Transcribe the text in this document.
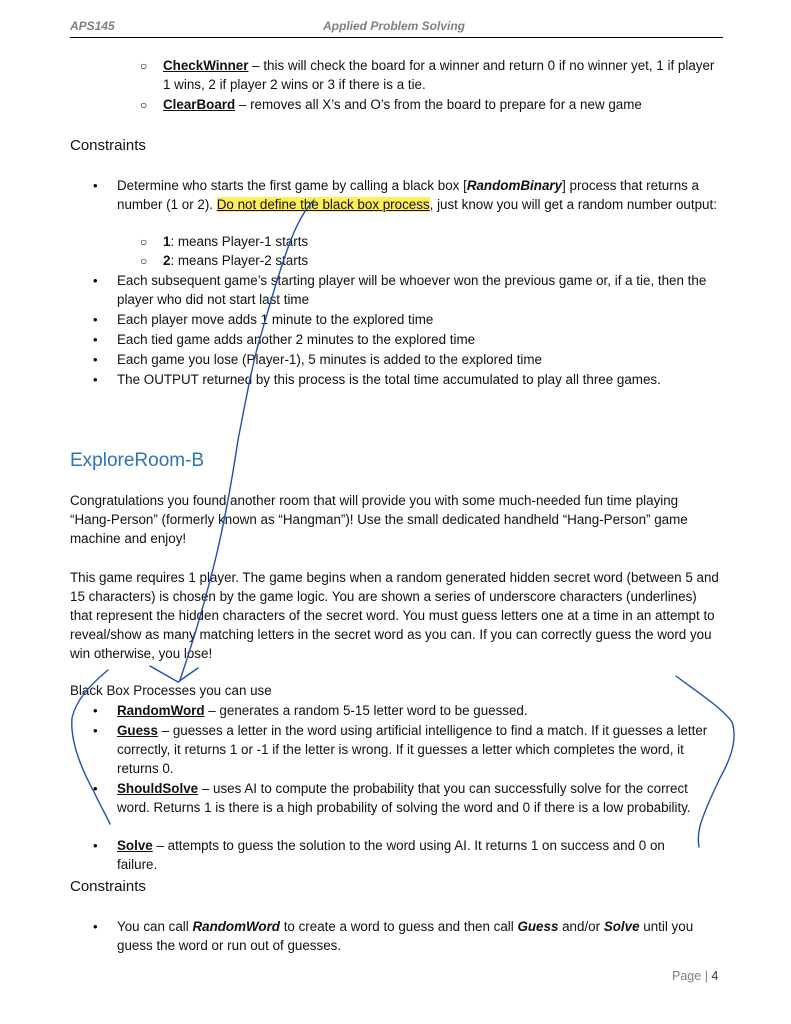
APS145	Applied Problem Solving
○ CheckWinner – this will check the board for a winner and return 0 if no winner yet, 1 if player 1 wins, 2 if player 2 wins or 3 if there is a tie.
○ ClearBoard – removes all X’s and O’s from the board to prepare for a new game
Constraints
• Determine who starts the first game by calling a black box [RandomBinary] process that returns a number (1 or 2). Do not define the black box process, just know you will get a random number output:
○ 1: means Player-1 starts
○ 2: means Player-2 starts
• Each subsequent game’s starting player will be whoever won the previous game or, if a tie, then the player who did not start last time
• Each player move adds 1 minute to the explored time
• Each tied game adds another 2 minutes to the explored time
• Each game you lose (Player-1), 5 minutes is added to the explored time
• The OUTPUT returned by this process is the total time accumulated to play all three games.
ExploreRoom-B
Congratulations you found another room that will provide you with some much-needed fun time playing “Hang-Person” (formerly known as “Hangman”)! Use the small dedicated handheld “Hang-Person” game machine and enjoy!
This game requires 1 player. The game begins when a random generated hidden secret word (between 5 and 15 characters) is chosen by the game logic. You are shown a series of underscore characters (underlines) that represent the hidden characters of the secret word. You must guess letters one at a time in an attempt to reveal/show as many matching letters in the secret word as you can. If you can correctly guess the word you win otherwise, you lose!
Black Box Processes you can use
• RandomWord – generates a random 5-15 letter word to be guessed.
• Guess – guesses a letter in the word using artificial intelligence to find a match. If it guesses a letter correctly, it returns 1 or -1 if the letter is wrong. If it guesses a letter which completes the word, it returns 0.
• ShouldSolve – uses AI to compute the probability that you can successfully solve for the correct word. Returns 1 is there is a high probability of solving the word and 0 if there is a low probability.
• Solve – attempts to guess the solution to the word using AI. It returns 1 on success and 0 on failure.
Constraints
• You can call RandomWord to create a word to guess and then call Guess and/or Solve until you guess the word or run out of guesses.
Page | 4
